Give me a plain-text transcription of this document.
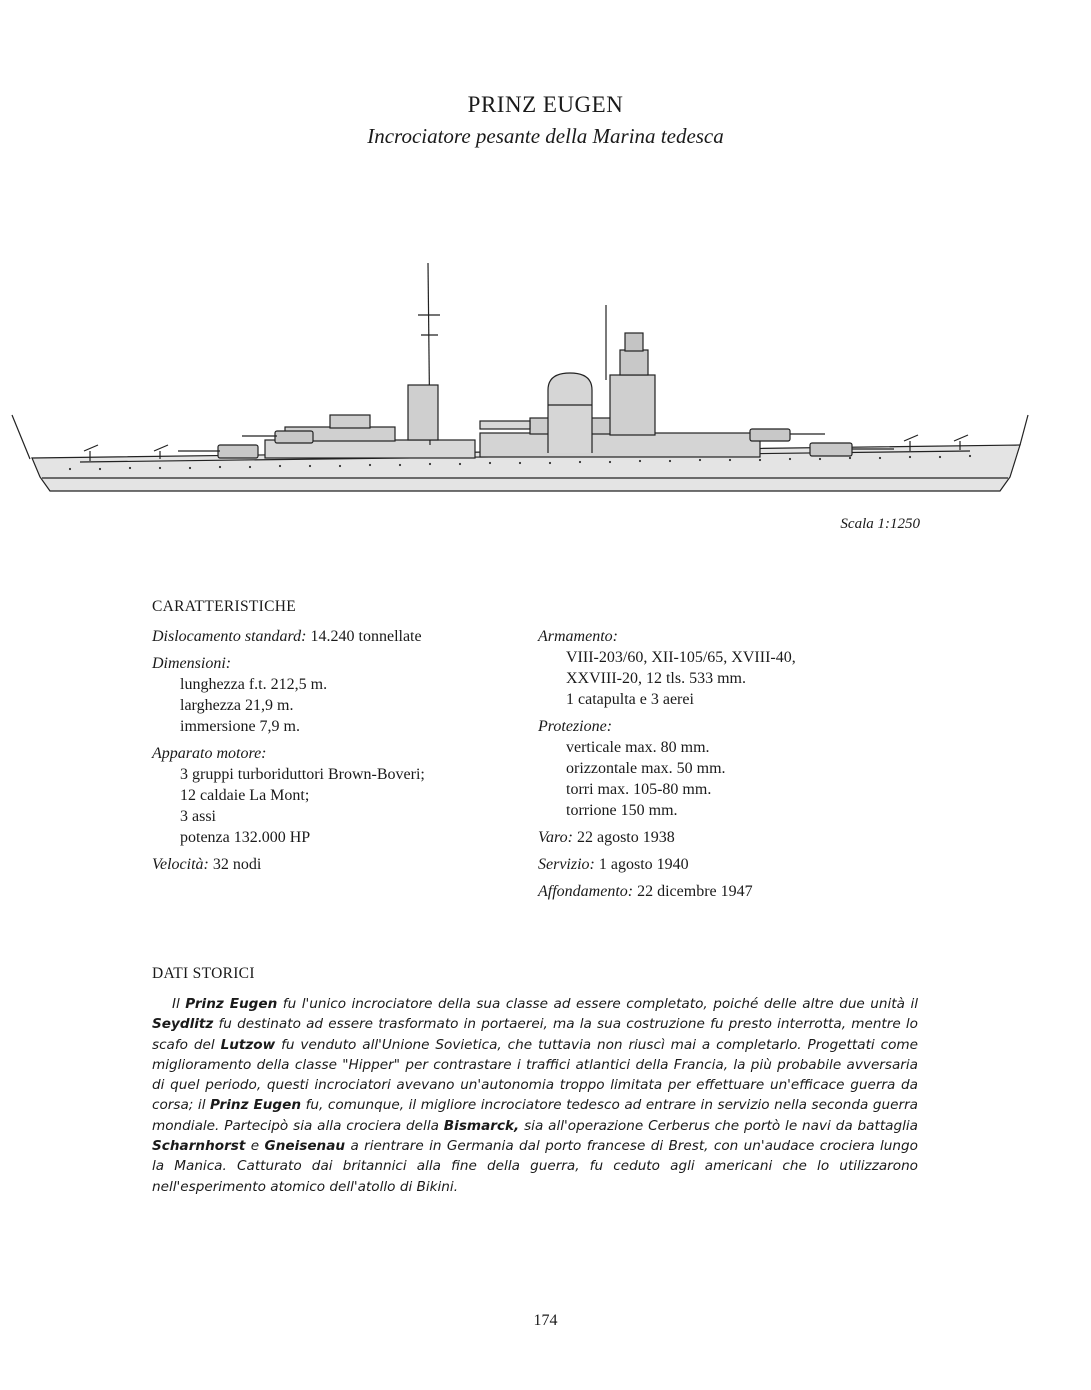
PRINZ EUGEN
Incrociatore pesante della Marina tedesca
Scala 1:1250
CARATTERISTICHE
Dislocamento standard: 14.240 tonnellate
Dimensioni:
lunghezza f.t. 212,5 m.
larghezza 21,9 m.
immersione 7,9 m.
Apparato motore:
3 gruppi turboriduttori Brown-Boveri;
12 caldaie La Mont;
3 assi
potenza 132.000 HP
Velocità: 32 nodi
Armamento:
VIII-203/60, XII-105/65, XVIII-40,
XXVIII-20, 12 tls. 533 mm.
1 catapulta e 3 aerei
Protezione:
verticale max. 80 mm.
orizzontale max. 50 mm.
torri max. 105-80 mm.
torrione 150 mm.
Varo: 22 agosto 1938
Servizio: 1 agosto 1940
Affondamento: 22 dicembre 1947
DATI STORICI
Il Prinz Eugen fu l'unico incrociatore della sua classe ad essere completato, poiché delle altre due unità il Seydlitz fu destinato ad essere trasformato in portaerei, ma la sua costruzione fu presto interrotta, mentre lo scafo del Lutzow fu venduto all'Unione Sovietica, che tuttavia non riuscì mai a completarlo. Progettati come miglioramento della classe "Hipper" per contrastare i traffici atlantici della Francia, la più probabile avversaria di quel periodo, questi incrociatori avevano un'autonomia troppo limitata per effettuare un'efficace guerra da corsa; il Prinz Eugen fu, comunque, il migliore incrociatore tedesco ad entrare in servizio nella seconda guerra mondiale. Partecipò sia alla crociera della Bismarck, sia all'operazione Cerberus che portò le navi da battaglia Scharnhorst e Gneisenau a rientrare in Germania dal porto francese di Brest, con un'audace crociera lungo la Manica. Catturato dai britannici alla fine della guerra, fu ceduto agli americani che lo utilizzarono nell'esperimento atomico dell'atollo di Bikini.
174
